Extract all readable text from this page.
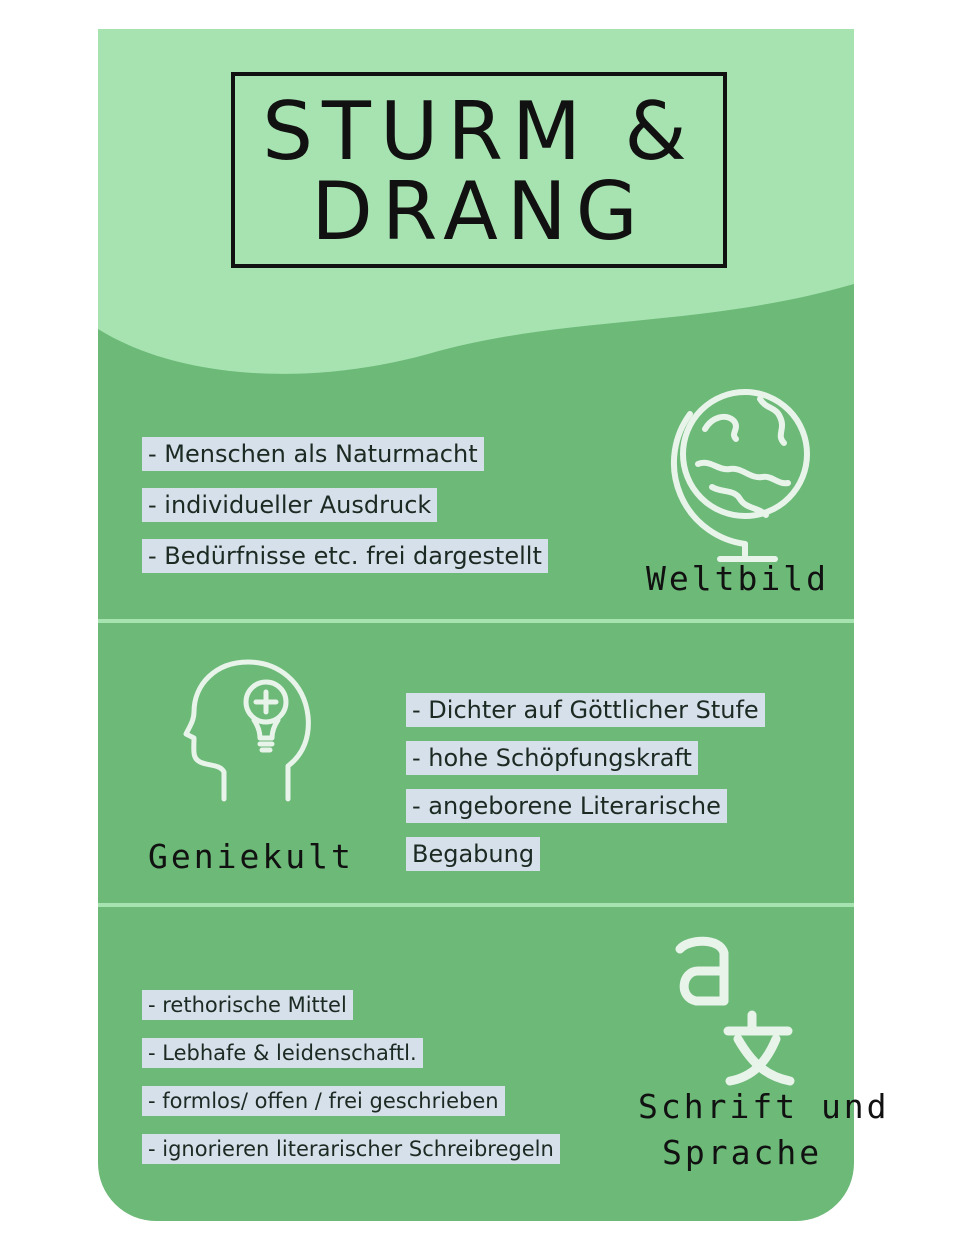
STURM &
DRANG
- Menschen als Naturmacht
- individueller Ausdruck
- Bedürfnisse etc. frei dargestellt
Weltbild
Geniekult
- Dichter auf Göttlicher Stufe
- hohe Schöpfungskraft
- angeborene Literarische
Begabung
- rethorische Mittel
- Lebhafe & leidenschaftl.
- formlos/ offen / frei geschrieben
- ignorieren literarischer Schreibregeln
Schrift und
Sprache
